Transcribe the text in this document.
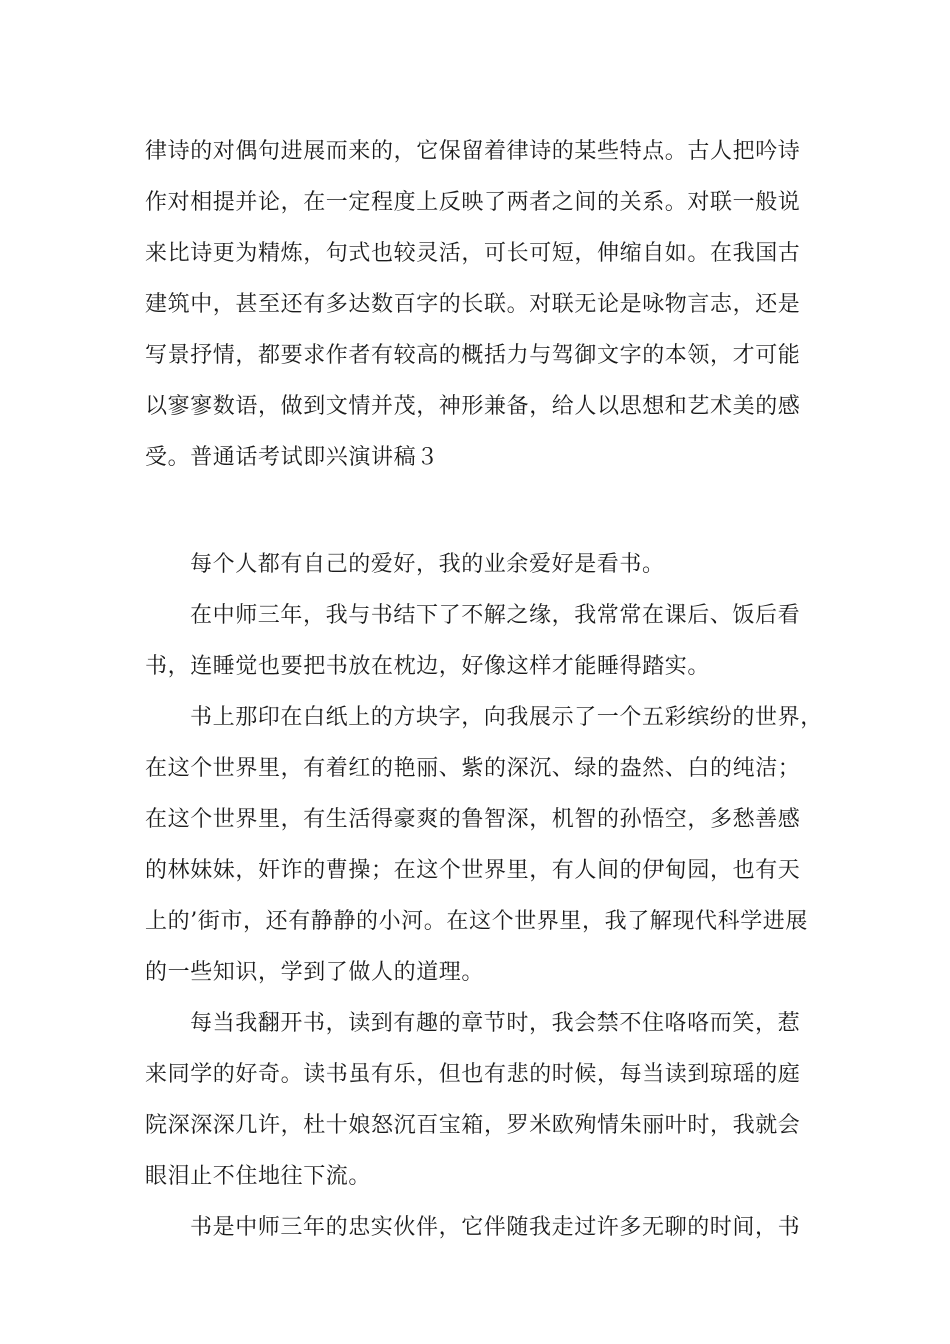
律诗的对偶句进展而来的，它保留着律诗的某些特点。古人把吟诗
作对相提并论，在一定程度上反映了两者之间的关系。对联一般说
来比诗更为精炼，句式也较灵活，可长可短，伸缩自如。在我国古
建筑中，甚至还有多达数百字的长联。对联无论是咏物言志，还是
写景抒情，都要求作者有较高的概括力与驾御文字的本领，才可能
以寥寥数语，做到文情并茂，神形兼备，给人以思想和艺术美的感
受。普通话考试即兴演讲稿３
每个人都有自己的爱好，我的业余爱好是看书。
在中师三年，我与书结下了不解之缘，我常常在课后、饭后看
书，连睡觉也要把书放在枕边，好像这样才能睡得踏实。
书上那印在白纸上的方块字，向我展示了一个五彩缤纷的世界，
在这个世界里，有着红的艳丽、紫的深沉、绿的盎然、白的纯洁；
在这个世界里，有生活得豪爽的鲁智深，机智的孙悟空，多愁善感
的林妹妹，奸诈的曹操；在这个世界里，有人间的伊甸园，也有天
上的’街市，还有静静的小河。在这个世界里，我了解现代科学进展
的一些知识，学到了做人的道理。
每当我翻开书，读到有趣的章节时，我会禁不住咯咯而笑，惹
来同学的好奇。读书虽有乐，但也有悲的时候，每当读到琼瑶的庭
院深深深几许，杜十娘怒沉百宝箱，罗米欧殉情朱丽叶时，我就会
眼泪止不住地往下流。
书是中师三年的忠实伙伴，它伴随我走过许多无聊的时间，书
